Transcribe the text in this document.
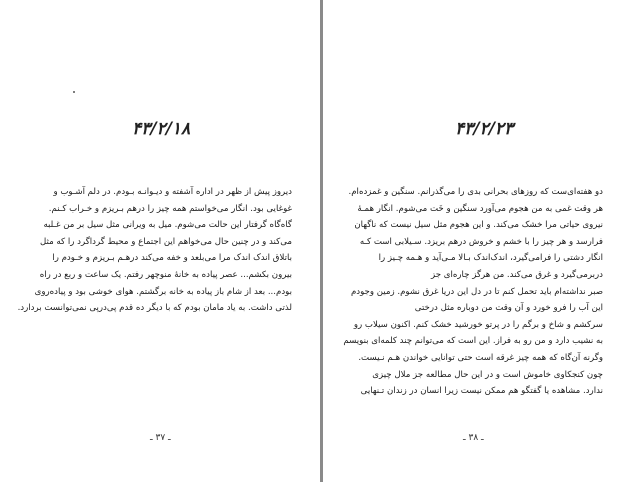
۴۳/۲/۱۸
دیروز پیش از ظهر در اداره آشفته و دیـوانـه بـودم. در دلم آشـوب و
غوغایی بود. انگار می‌خواستم همه چیز را درهم بـریزم و خـراب کـنم.
گاه‌گاه گرفتار این حالت می‌شوم. میل به ویرانی مثل سیل بر من غـلبه
می‌کند و در چنین حال می‌خواهم این اجتماع و محیط گرداگرد را که مثل
باتلاق اندک اندک مرا می‌بلعد و خفه می‌کند درهـم بـریزم و خـودم را
بیرون بکشم... عصر پیاده به خانهٔ منوچهر رفتم. یک ساعت و ربع در راه
بودم... بعد از شام باز پیاده به خانه برگشتم. هوای خوشی بود و پیاده‌روی
لذتی داشت. به یاد مامان بودم که با دیگر ده قدم پی‌درپی نمی‌توانست بردارد.
ـ ۳۷ ـ
۴۳/۲/۲۳
دو هفته‌ای‌ست که روزهای بحرانی بدی را می‌گذرانم. سنگین و غمزده‌ام.
هر وقت غمی به من هجوم می‌آورد سنگین و خَت می‌شوم. انگار همـهٔ
نیروی حیاتی مرا خشک می‌کند. و این هجوم مثل سیل نیست که ناگهان
فرارسد و هر چیز را با خشم و خروش درهم بریزد. سـیلابی است کـه
انگار دشتی را فرامی‌گیرد، اندک‌اندک بـالا مـی‌آید و هـمه چـیز را
دربرمی‌گیرد و غرق می‌کند. من هرگز چاره‌ای جز
صبر نداشته‌ام باید تحمل کنم تا در دل این دریا غرق نشوم. زمین وجودم
این آب را فرو خورد و آن وقت من دوباره مثل درختی
سرکشم و شاخ و برگم را در پرتو خورشید خشک کنم. اکنون سیلاب رو
به نشیب دارد و من رو به فراز. این است که می‌توانم چند کلمه‌ای بنویسم
وگرنه آن‌گاه که همه چیز غرقه است حتی توانایی خواندن هـم نـیست.
چون کنجکاوی خاموش است و در این حال مطالعه جز ملال چیزی
ندارد. مشاهده یا گفتگو هم ممکن نیست زیرا انسان در زندان تـنهایی
ـ ۳۸ ـ
